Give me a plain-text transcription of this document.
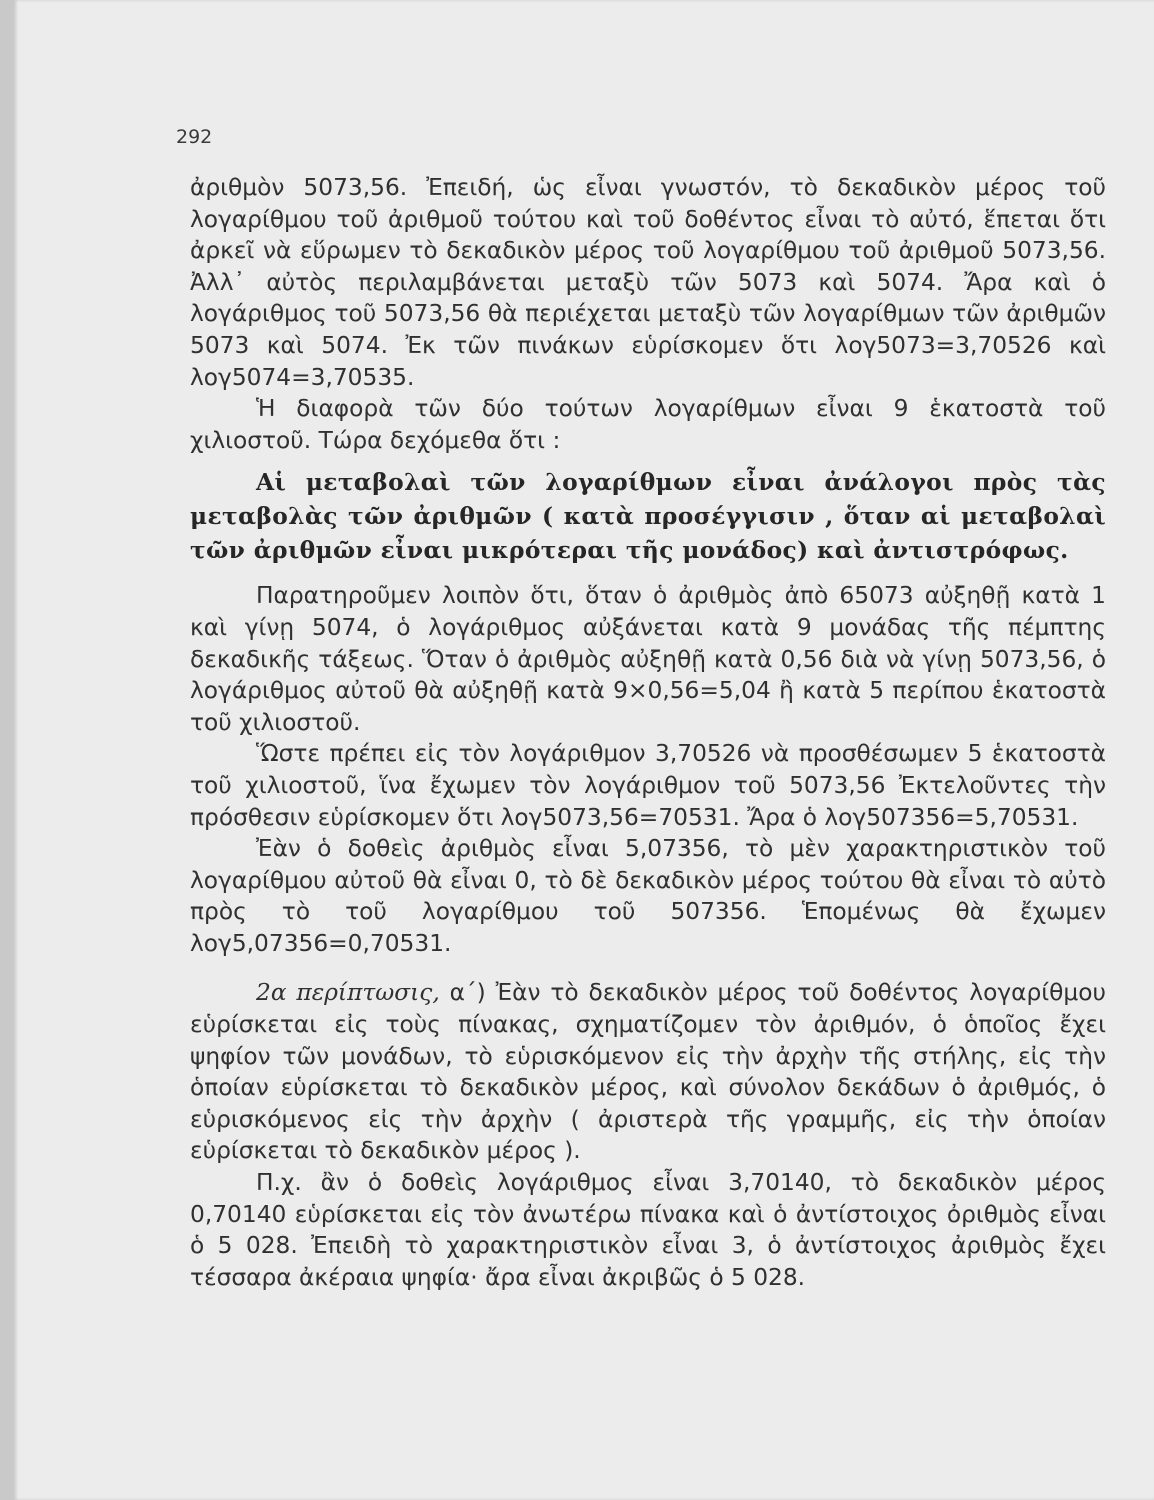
292

ἀριθμὸν 5073,56. Ἐπειδή, ὡς εἶναι γνωστόν, τὸ δεκαδικὸν μέρος τοῦ λογαρίθμου τοῦ ἀριθμοῦ τούτου καὶ τοῦ δοθέντος εἶναι τὸ αὐτό, ἕπεται ὅτι ἀρκεῖ νὰ εὕρωμεν τὸ δεκαδικὸν μέρος τοῦ λογαρίθμου τοῦ ἀριθμοῦ 5073,56. Ἀλλ᾽ αὐτὸς περιλαμβάνεται μεταξὺ τῶν 5073 καὶ 5074. Ἄρα καὶ ὁ λογάριθμος τοῦ 5073,56 θὰ περιέχεται μεταξὺ τῶν λογαρίθμων τῶν ἀριθμῶν 5073 καὶ 5074. Ἐκ τῶν πινάκων εὑρίσκομεν ὅτι λογ5073=3,70526 καὶ λογ5074=3,70535.

Ἡ διαφορὰ τῶν δύο τούτων λογαρίθμων εἶναι 9 ἑκατοστὰ τοῦ χιλιοστοῦ. Τώρα δεχόμεθα ὅτι :

Αἱ μεταβολαὶ τῶν λογαρίθμων εἶναι ἀνάλογοι πρὸς τὰς μεταβολὰς τῶν ἀριθμῶν ( κατὰ προσέγγισιν , ὅταν αἱ μεταβολαὶ τῶν ἀριθμῶν εἶναι μικρότεραι τῆς μονάδος) καὶ ἀντιστρόφως.

Παρατηροῦμεν λοιπὸν ὅτι, ὅταν ὁ ἀριθμὸς ἀπὸ 65073 αὐξηθῇ κατὰ 1 καὶ γίνῃ 5074, ὁ λογάριθμος αὐξάνεται κατὰ 9 μονάδας τῆς πέμπτης δεκαδικῆς τάξεως. Ὅταν ὁ ἀριθμὸς αὐξηθῇ κατὰ 0,56 διὰ νὰ γίνῃ 5073,56, ὁ λογάριθμος αὐτοῦ θὰ αὐξηθῇ κατὰ 9×0,56=5,04 ἢ κατὰ 5 περίπου ἑκατοστὰ τοῦ χιλιοστοῦ.

Ὥστε πρέπει εἰς τὸν λογάριθμον 3,70526 νὰ προσθέσωμεν 5 ἑκατοστὰ τοῦ χιλιοστοῦ, ἵνα ἔχωμεν τὸν λογάριθμον τοῦ 5073,56 Ἐκτελοῦντες τὴν πρόσθεσιν εὑρίσκομεν ὅτι λογ5073,56=70531. Ἄρα ὁ λογ507356=5,70531.

Ἐὰν ὁ δοθεὶς ἀριθμὸς εἶναι 5,07356, τὸ μὲν χαρακτηριστικὸν τοῦ λογαρίθμου αὐτοῦ θὰ εἶναι 0, τὸ δὲ δεκαδικὸν μέρος τούτου θὰ εἶναι τὸ αὐτὸ πρὸς τὸ τοῦ λογαρίθμου τοῦ 507356. Ἑπομένως θὰ ἔχωμεν λογ5,07356=0,70531.

2α περίπτωσις, α΄) Ἐὰν τὸ δεκαδικὸν μέρος τοῦ δοθέντος λογαρίθμου εὑρίσκεται εἰς τοὺς πίνακας, σχηματίζομεν τὸν ἀριθμόν, ὁ ὁποῖος ἔχει ψηφίον τῶν μονάδων, τὸ εὑρισκόμενον εἰς τὴν ἀρχὴν τῆς στήλης, εἰς τὴν ὁποίαν εὑρίσκεται τὸ δεκαδικὸν μέρος, καὶ σύνολον δεκάδων ὁ ἀριθμός, ὁ εὑρισκόμενος εἰς τὴν ἀρχὴν ( ἀριστερὰ τῆς γραμμῆς, εἰς τὴν ὁποίαν εὑρίσκεται τὸ δεκαδικὸν μέρος ).

Π.χ. ἂν ὁ δοθεὶς λογάριθμος εἶναι 3,70140, τὸ δεκαδικὸν μέρος 0,70140 εὑρίσκεται εἰς τὸν ἀνωτέρω πίνακα καὶ ὁ ἀντίστοιχος ὀριθμὸς εἶναι ὁ 5 028. Ἐπειδὴ τὸ χαρακτηριστικὸν εἶναι 3, ὁ ἀντίστοιχος ἀριθμὸς ἔχει τέσσαρα ἀκέραια ψηφία· ἄρα εἶναι ἀκριβῶς ὁ 5 028.
